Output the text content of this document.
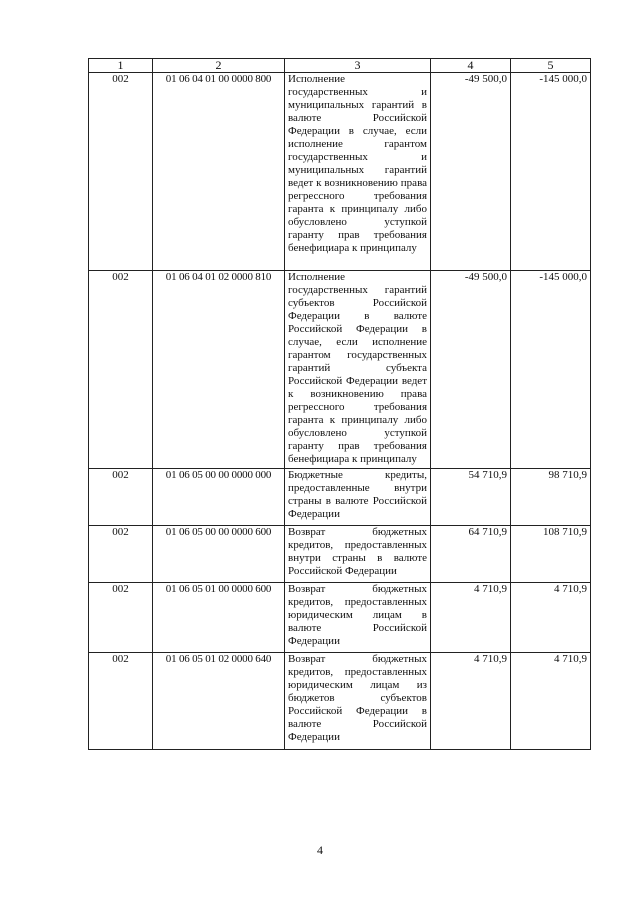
1	2	3	4	5
002	01 06 04 01 00 0000 800	Исполнение государственных и муниципальных гарантий в валюте Российской Федерации в случае, если исполнение гарантом государственных и муниципальных гарантий ведет к возникновению права регрессного требования гаранта к принципалу либо обусловлено уступкой гаранту прав требования бенефициара к принципалу	-49 500,0	-145 000,0
002	01 06 04 01 02 0000 810	Исполнение государственных гарантий субъектов Российской Федерации в валюте Российской Федерации в случае, если исполнение гарантом государственных гарантий субъекта Российской Федерации ведет к возникновению права регрессного требования гаранта к принципалу либо обусловлено уступкой гаранту прав требования бенефициара к принципалу	-49 500,0	-145 000,0
002	01 06 05 00 00 0000 000	Бюджетные кредиты, предоставленные внутри страны в валюте Российской Федерации	54 710,9	98 710,9
002	01 06 05 00 00 0000 600	Возврат бюджетных кредитов, предоставленных внутри страны в валюте Российской Федерации	64 710,9	108 710,9
002	01 06 05 01 00 0000 600	Возврат бюджетных кредитов, предоставленных юридическим лицам в валюте Российской Федерации	4 710,9	4 710,9
002	01 06 05 01 02 0000 640	Возврат бюджетных кредитов, предоставленных юридическим лицам из бюджетов субъектов Российской Федерации в валюте Российской Федерации	4 710,9	4 710,9
4
